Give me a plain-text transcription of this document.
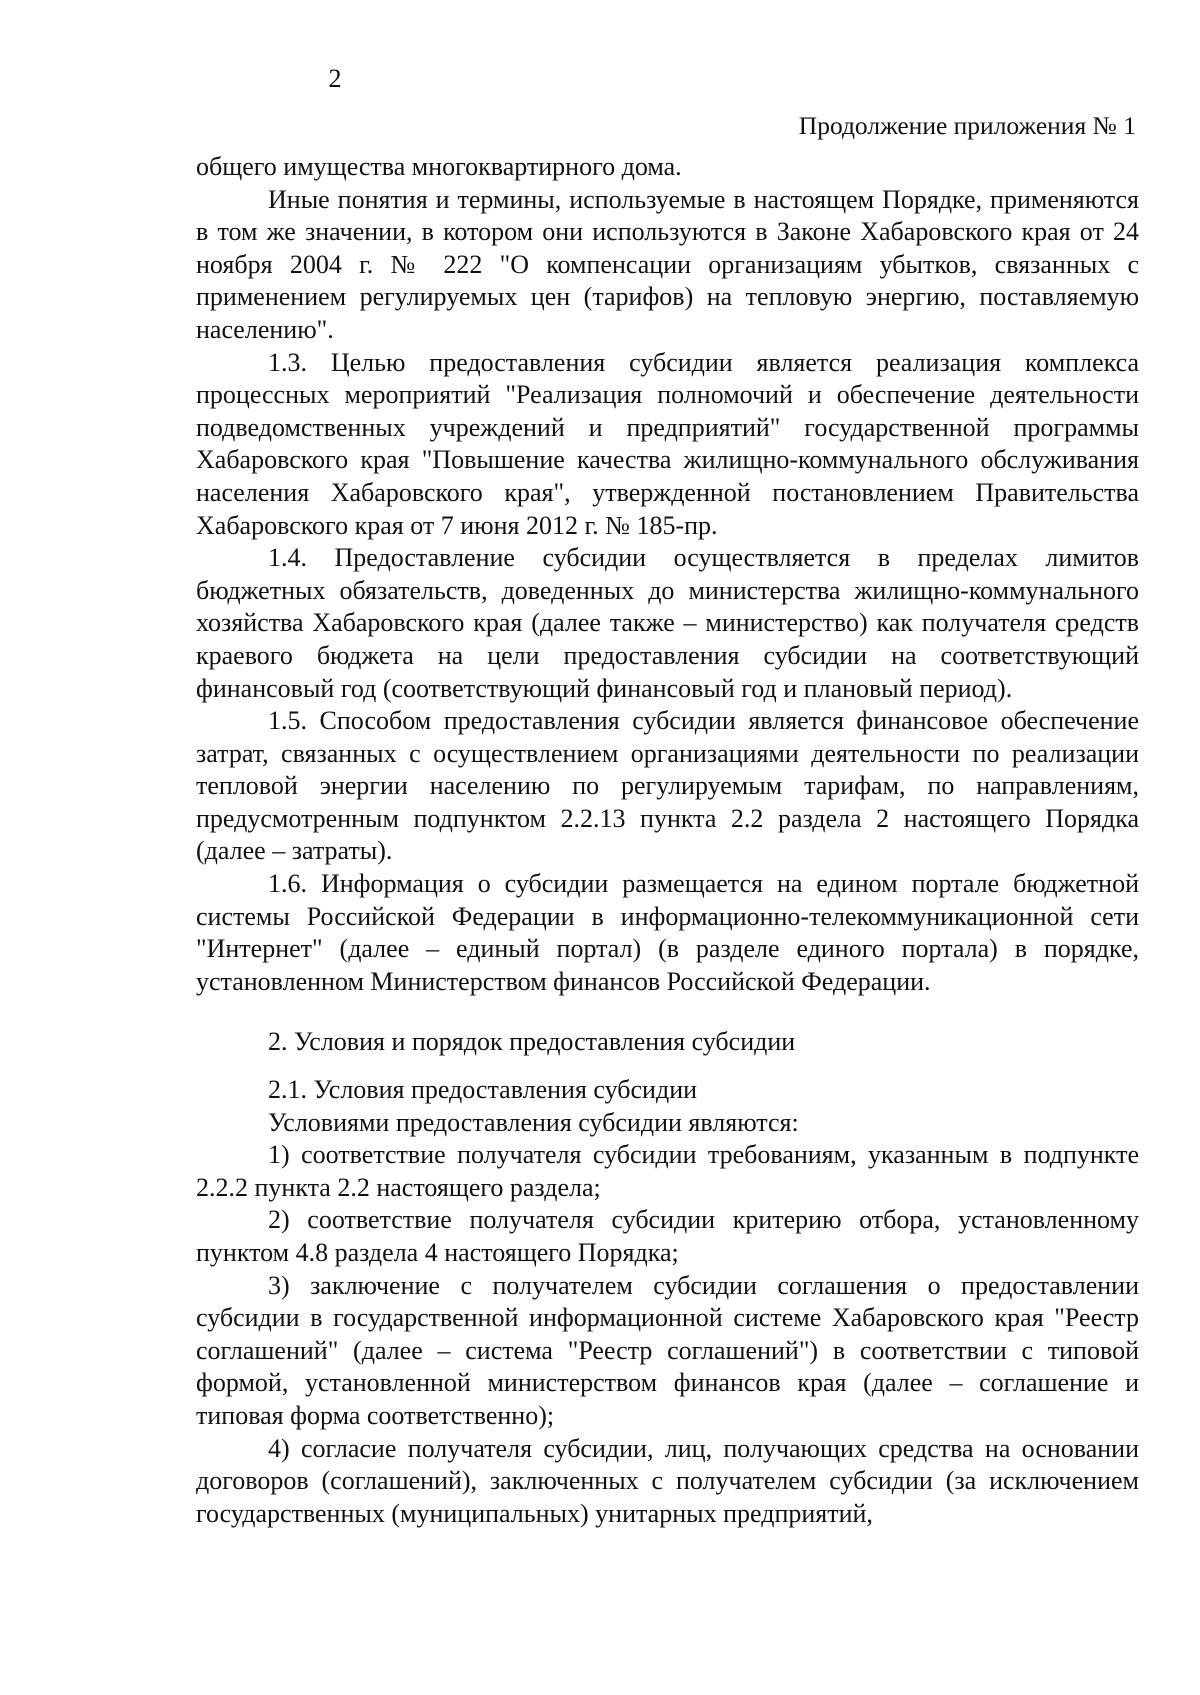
2
Продолжение приложения № 1

общего имущества многоквартирного дома.

Иные понятия и термины, используемые в настоящем Порядке, применяются в том же значении, в котором они используются в Законе Хабаровского края от 24 ноября 2004 г. № 222 "О компенсации организациям убытков, связанных с применением регулируемых цен (тарифов) на тепловую энергию, поставляемую населению".

1.3. Целью предоставления субсидии является реализация комплекса процессных мероприятий "Реализация полномочий и обеспечение деятельности подведомственных учреждений и предприятий" государственной программы Хабаровского края "Повышение качества жилищно-коммунального обслуживания населения Хабаровского края", утвержденной постановлением Правительства Хабаровского края от 7 июня 2012 г. № 185-пр.

1.4. Предоставление субсидии осуществляется в пределах лимитов бюджетных обязательств, доведенных до министерства жилищно-коммунального хозяйства Хабаровского края (далее также – министерство) как получателя средств краевого бюджета на цели предоставления субсидии на соответствующий финансовый год (соответствующий финансовый год и плановый период).

1.5. Способом предоставления субсидии является финансовое обеспечение затрат, связанных с осуществлением организациями деятельности по реализации тепловой энергии населению по регулируемым тарифам, по направлениям, предусмотренным подпунктом 2.2.13 пункта 2.2 раздела 2 настоящего Порядка (далее – затраты).

1.6. Информация о субсидии размещается на едином портале бюджетной системы Российской Федерации в информационно-телекоммуникационной сети "Интернет" (далее – единый портал) (в разделе единого портала) в порядке, установленном Министерством финансов Российской Федерации.

2. Условия и порядок предоставления субсидии

2.1. Условия предоставления субсидии

Условиями предоставления субсидии являются:

1) соответствие получателя субсидии требованиям, указанным в подпункте 2.2.2 пункта 2.2 настоящего раздела;

2) соответствие получателя субсидии критерию отбора, установленному пунктом 4.8 раздела 4 настоящего Порядка;

3) заключение с получателем субсидии соглашения о предоставлении субсидии в государственной информационной системе Хабаровского края "Реестр соглашений" (далее – система "Реестр соглашений") в соответствии с типовой формой, установленной министерством финансов края (далее – соглашение и типовая форма соответственно);

4) согласие получателя субсидии, лиц, получающих средства на основании договоров (соглашений), заключенных с получателем субсидии (за исключением государственных (муниципальных) унитарных предприятий,
